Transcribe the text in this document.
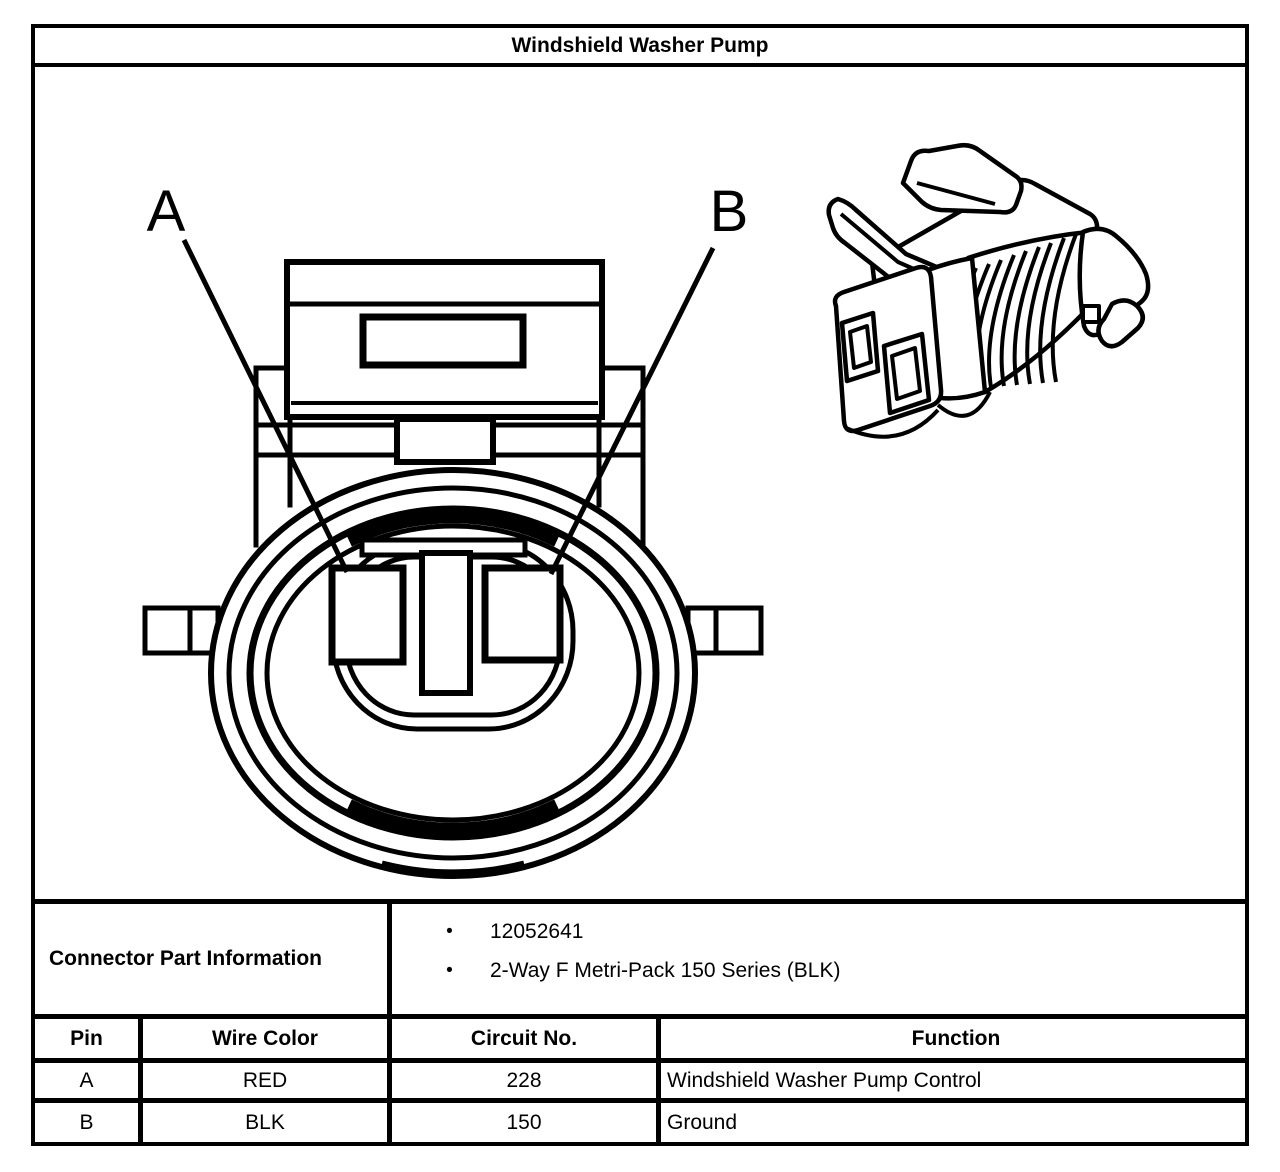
Windshield Washer Pump
A	B
Connector Part Information
•	12052641
•	2-Way F Metri-Pack 150 Series (BLK)
Pin	Wire Color	Circuit No.	Function
A	RED	228	Windshield Washer Pump Control
B	BLK	150	Ground
